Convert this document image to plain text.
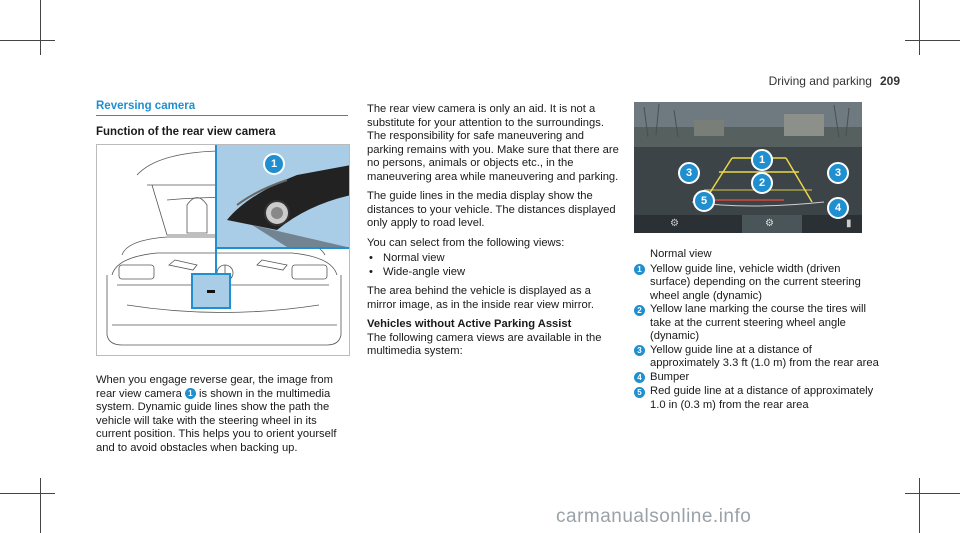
Driving and parking 209
Reversing camera
Function of the rear view camera
1
When you engage reverse gear, the image from rear view camera 1 is shown in the multimedia system. Dynamic guide lines show the path the vehicle will take with the steering wheel in its current position. This helps you to orient yourself and to avoid obstacles when backing up.

The rear view camera is only an aid. It is not a substitute for your attention to the surroundings. The responsibility for safe maneuvering and parking remains with you. Make sure that there are no persons, animals or objects etc., in the maneuvering area while maneuvering and parking.

The guide lines in the media display show the distances to your vehicle. The distances displayed only apply to road level.

You can select from the following views:

• Normal view
• Wide-angle view

The area behind the vehicle is displayed as a mirror image, as in the inside rear view mirror.

Vehicles without Active Parking Assist

The following camera views are available in the multimedia system:

1
2
3	3
4
5
⚙	⚙	▮
Normal view
1 Yellow guide line, vehicle width (driven surface) depending on the current steering wheel angle (dynamic)
2 Yellow lane marking the course the tires will take at the current steering wheel angle (dynamic)
3 Yellow guide line at a distance of approximately 3.3 ft (1.0 m) from the rear area
4 Bumper
5 Red guide line at a distance of approximately 1.0 in (0.3 m) from the rear area
carmanualsonline.info
